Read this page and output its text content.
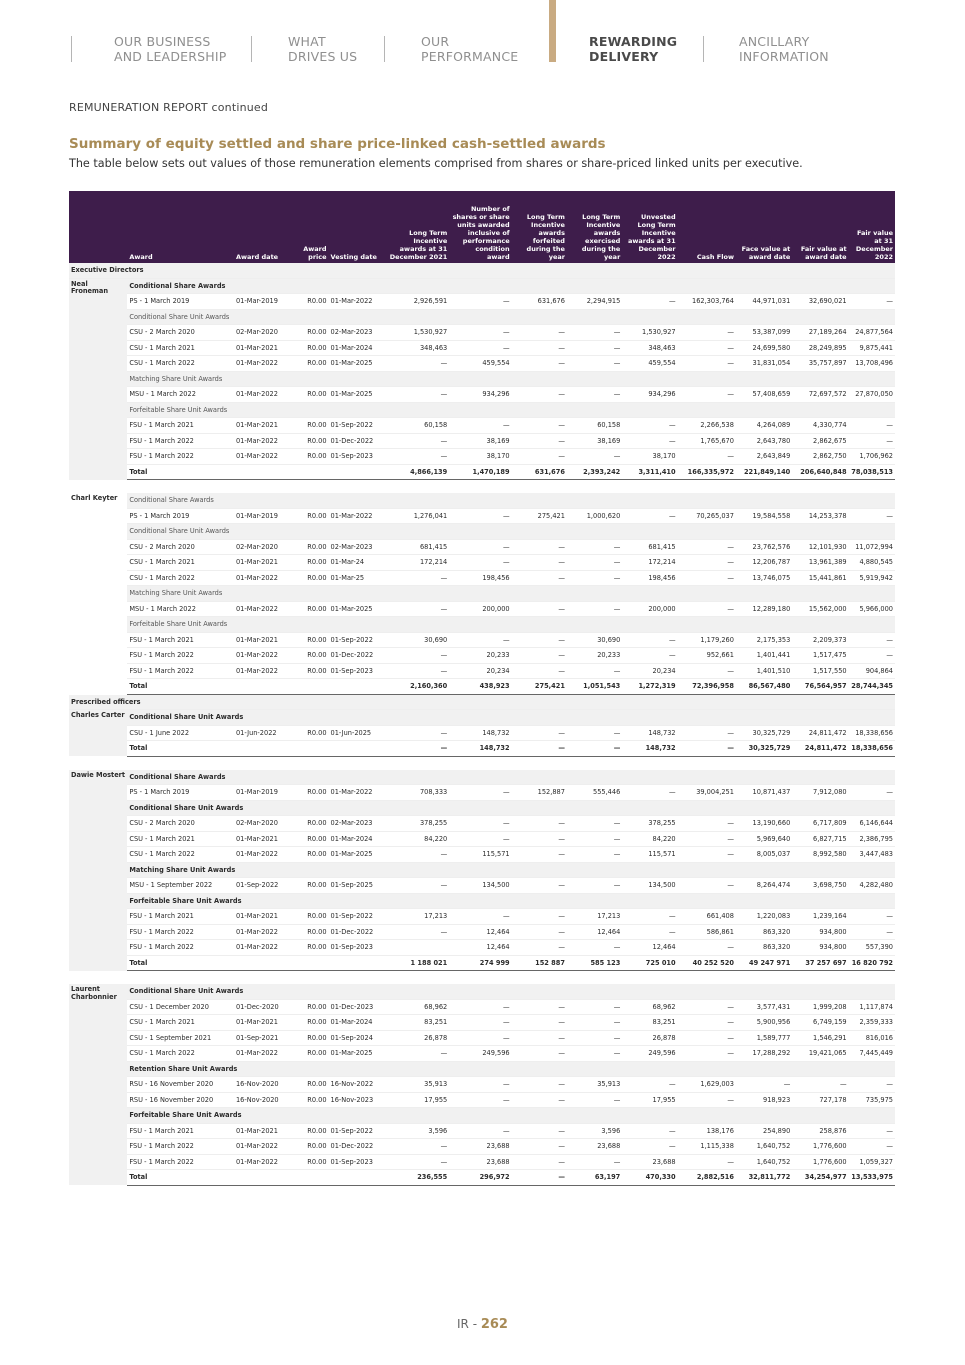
OUR BUSINESS
AND LEADERSHIP
WHAT
DRIVES US
OUR
PERFORMANCE
REWARDING
DELIVERY
ANCILLARY
INFORMATION
REMUNERATION REPORT continued
Summary of equity settled and share price-linked cash-settled awards
The table below sets out values of those remuneration elements comprised from shares or share-priced linked units per executive.
	Award	Award date	Award price	Vesting date	Long Term Incentive awards at 31 December 2021	Number of shares or share units awarded inclusive of performance condition award	Long Term Incentive awards forfeited during the year	Long Term Incentive awards exercised during the year	Unvested Long Term Incentive awards at 31 December 2022	Cash Flow	Face value at award date	Fair value at award date	Fair value at 31 December 2022
Executive Directors													
Neal Froneman	Conditional Share Awards												
	PS - 1 March 2019	01-Mar-2019	R0.00	01-Mar-2022	2,926,591	—	631,676	2,294,915	—	162,303,764	44,971,031	32,690,021	—
	Conditional Share Unit Awards												
	CSU - 2 March 2020	02-Mar-2020	R0.00	02-Mar-2023	1,530,927	—	—	—	1,530,927	—	53,387,099	27,189,264	24,877,564
	CSU - 1 March 2021	01-Mar-2021	R0.00	01-Mar-2024	348,463	—	—	—	348,463	—	24,699,580	28,249,895	9,875,441
	CSU - 1 March 2022	01-Mar-2022	R0.00	01-Mar-2025	—	459,554	—	—	459,554	—	31,831,054	35,757,897	13,708,496
	Matching Share Unit Awards												
	MSU - 1 March 2022	01-Mar-2022	R0.00	01-Mar-2025	—	934,296	—	—	934,296	—	57,408,659	72,697,572	27,870,050
	Forfeitable Share Unit Awards												
	FSU - 1 March 2021	01-Mar-2021	R0.00	01-Sep-2022	60,158	—	—	60,158	—	2,266,538	4,264,089	4,330,774	—
	FSU - 1 March 2022	01-Mar-2022	R0.00	01-Dec-2022	—	38,169	—	38,169	—	1,765,670	2,643,780	2,862,675	—
	FSU - 1 March 2022	01-Mar-2022	R0.00	01-Sep-2023	—	38,170	—	—	38,170	—	2,643,849	2,862,750	1,706,962
	Total				4,866,139	1,470,189	631,676	2,393,242	3,311,410	166,335,972	221,849,140	206,640,848	78,038,513

Charl Keyter	Conditional Share Awards												
	PS - 1 March 2019	01-Mar-2019	R0.00	01-Mar-2022	1,276,041	—	275,421	1,000,620	—	70,265,037	19,584,558	14,253,378	—
	Conditional Share Unit Awards												
	CSU - 2 March 2020	02-Mar-2020	R0.00	02-Mar-2023	681,415	—	—	—	681,415	—	23,762,576	12,101,930	11,072,994
	CSU - 1 March 2021	01-Mar-2021	R0.00	01-Mar-24	172,214	—	—	—	172,214	—	12,206,787	13,961,389	4,880,545
	CSU - 1 March 2022	01-Mar-2022	R0.00	01-Mar-25	—	198,456	—	—	198,456	—	13,746,075	15,441,861	5,919,942
	Matching Share Unit Awards												
	MSU - 1 March 2022	01-Mar-2022	R0.00	01-Mar-2025	—	200,000	—	—	200,000	—	12,289,180	15,562,000	5,966,000
	Forfeitable Share Unit Awards												
	FSU - 1 March 2021	01-Mar-2021	R0.00	01-Sep-2022	30,690	—	—	30,690	—	1,179,260	2,175,353	2,209,373	—
	FSU - 1 March 2022	01-Mar-2022	R0.00	01-Dec-2022	—	20,233	—	20,233	—	952,661	1,401,441	1,517,475	—
	FSU - 1 March 2022	01-Mar-2022	R0.00	01-Sep-2023	—	20,234	—	—	20,234	—	1,401,510	1,517,550	904,864
	Total				2,160,360	438,923	275,421	1,051,543	1,272,319	72,396,958	86,567,480	76,564,957	28,744,345
Prescribed officers													
Charles Carter	Conditional Share Unit Awards												
	CSU - 1 June 2022	01-Jun-2022	R0.00	01-Jun-2025	—	148,732	—	—	148,732	—	30,325,729	24,811,472	18,338,656
	Total				—	148,732	—	—	148,732	—	30,325,729	24,811,472	18,338,656

Dawie Mostert	Conditional Share Awards												
	PS - 1 March 2019	01-Mar-2019	R0.00	01-Mar-2022	708,333	—	152,887	555,446	—	39,004,251	10,871,437	7,912,080	—
	Conditional Share Unit Awards												
	CSU - 2 March 2020	02-Mar-2020	R0.00	02-Mar-2023	378,255	—	—	—	378,255	—	13,190,660	6,717,809	6,146,644
	CSU - 1 March 2021	01-Mar-2021	R0.00	01-Mar-2024	84,220	—	—	—	84,220	—	5,969,640	6,827,715	2,386,795
	CSU - 1 March 2022	01-Mar-2022	R0.00	01-Mar-2025	—	115,571	—	—	115,571	—	8,005,037	8,992,580	3,447,483
	Matching Share Unit Awards												
	MSU - 1 September 2022	01-Sep-2022	R0.00	01-Sep-2025	—	134,500	—	—	134,500	—	8,264,474	3,698,750	4,282,480
	Forfeitable Share Unit Awards												
	FSU - 1 March 2021	01-Mar-2021	R0.00	01-Sep-2022	17,213	—	—	17,213	—	661,408	1,220,083	1,239,164	—
	FSU - 1 March 2022	01-Mar-2022	R0.00	01-Dec-2022	—	12,464	—	12,464	—	586,861	863,320	934,800	—
	FSU - 1 March 2022	01-Mar-2022	R0.00	01-Sep-2023		12,464	—	—	12,464	—	863,320	934,800	557,390
	Total				1 188 021	274 999	152 887	585 123	725 010	40 252 520	49 247 971	37 257 697	16 820 792

Laurent Charbonnier	Conditional Share Unit Awards												
	CSU - 1 December 2020	01-Dec-2020	R0.00	01-Dec-2023	68,962	—	—	—	68,962	—	3,577,431	1,999,208	1,117,874
	CSU - 1 March 2021	01-Mar-2021	R0.00	01-Mar-2024	83,251	—	—	—	83,251	—	5,900,956	6,749,159	2,359,333
	CSU - 1 September 2021	01-Sep-2021	R0.00	01-Sep-2024	26,878	—	—	—	26,878	—	1,589,777	1,546,291	816,016
	CSU - 1 March 2022	01-Mar-2022	R0.00	01-Mar-2025	—	249,596	—	—	249,596	—	17,288,292	19,421,065	7,445,449
	Retention Share Unit Awards												
	RSU - 16 November 2020	16-Nov-2020	R0.00	16-Nov-2022	35,913	—	—	35,913	—	1,629,003	—	—	—
	RSU - 16 November 2020	16-Nov-2020	R0.00	16-Nov-2023	17,955	—	—	—	17,955	—	918,923	727,178	735,975
	Forfeitable Share Unit Awards												
	FSU - 1 March 2021	01-Mar-2021	R0.00	01-Sep-2022	3,596	—	—	3,596	—	138,176	254,890	258,876	—
	FSU - 1 March 2022	01-Mar-2022	R0.00	01-Dec-2022	—	23,688	—	23,688	—	1,115,338	1,640,752	1,776,600	—
	FSU - 1 March 2022	01-Mar-2022	R0.00	01-Sep-2023	—	23,688	—	—	23,688	—	1,640,752	1,776,600	1,059,327
	Total				236,555	296,972	—	63,197	470,330	2,882,516	32,811,772	34,254,977	13,533,975
IR - 262
